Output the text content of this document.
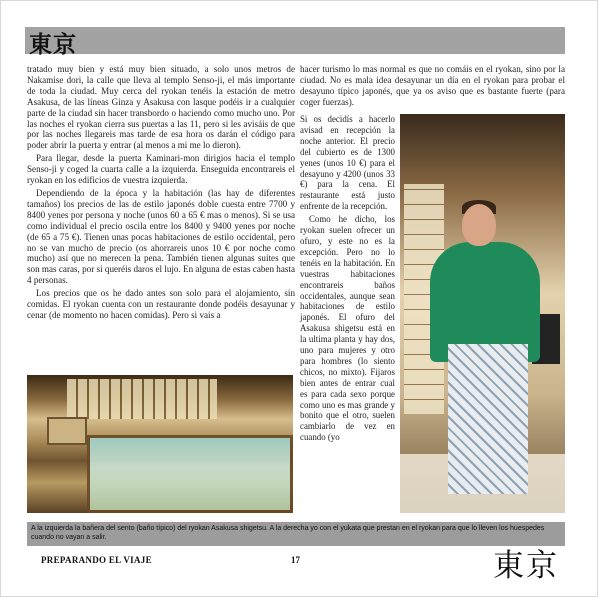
東京

tratado muy bien y está muy bien situado, a solo unos metros de Nakamise dori, la calle que lleva al templo Senso-ji, el más importante de toda la ciudad. Muy cerca del ryokan tenéis la estación de metro Asakusa, de las líneas Ginza y Asakusa con lasque podéis ir a cualquier parte de la ciudad sin hacer transbordo o haciendo como mucho uno. Por las noches el ryokan cierra sus puertas a las 11, pero si les avisáis de que por las noches llegareis mas tarde de esa hora os darán el código para poder abrir la puerta y entrar (al menos a mi me lo dieron).

Para llegar, desde la puerta Kaminari-mon dirigios hacia el templo Senso-ji y coged la cuarta calle a la izquierda. Enseguida encontrareis el ryokan en los edificios de vuestra izquierda.

Dependiendo de la época y la habitación (las hay de diferentes tamaños) los precios de las de estilo japonés doble cuesta entre 7700 y 8400 yenes por persona y noche (unos 60 a 65 € mas o menos). Si se usa como individual el precio oscila entre los 8400 y 9400 yenes por noche (de 65 a 75 €). Tienen unas pocas habitaciones de estilo occidental, pero no se van mucho de precio (os ahorrareis unos 10 € por noche como mucho) así que no merecen la pena. También tienen algunas suites que son mas caras, por si queréis daros el lujo. En alguna de estas caben hasta 4 personas.

Los precios que os he dado antes son solo para el alojamiento, sin comidas. El ryokan cuenta con un restaurante donde podéis desayunar y cenar (de momento no hacen comidas). Pero si vais a

hacer turismo lo mas normal es que no comáis en el ryokan, sino por la ciudad. No es mala idea desayunar un día en el ryokan para probar el desayuno típico japonés, que ya os aviso que es bastante fuerte (para coger fuerzas).

Si os decidís a hacerlo avisad en recepción la noche anterior. El precio del cubierto es de 1300 yenes (unos 10 €) para el desayuno y 4200 (unos 33 €) para la cena. El restaurante está justo enfrente de la recepción.

Como he dicho, los ryokan suelen ofrecer un ofuro, y este no es la excepción. Pero no lo tenéis en la habitación. En vuestras habitaciones encontrareis baños occidentales, aunque sean habitaciones de estilo japonés. El ofuro del Asakusa shigetsu está en la ultima planta y hay dos, uno para mujeres y otro para hombres (lo siento chicos, no mixto). Fijaros bien antes de entrar cual es para cada sexo porque como uno es mas grande y bonito que el otro, suelen cambiarlo de vez en cuando (yo

A la izquierda la bañera del sento (baño típico) del ryokan Asakusa shigetsu. A la derecha yo con el yukata que prestan en el ryokan para que lo lleven los huespedes cuando no vayan a salir.
PREPARANDO EL VIAJE	17	東京
